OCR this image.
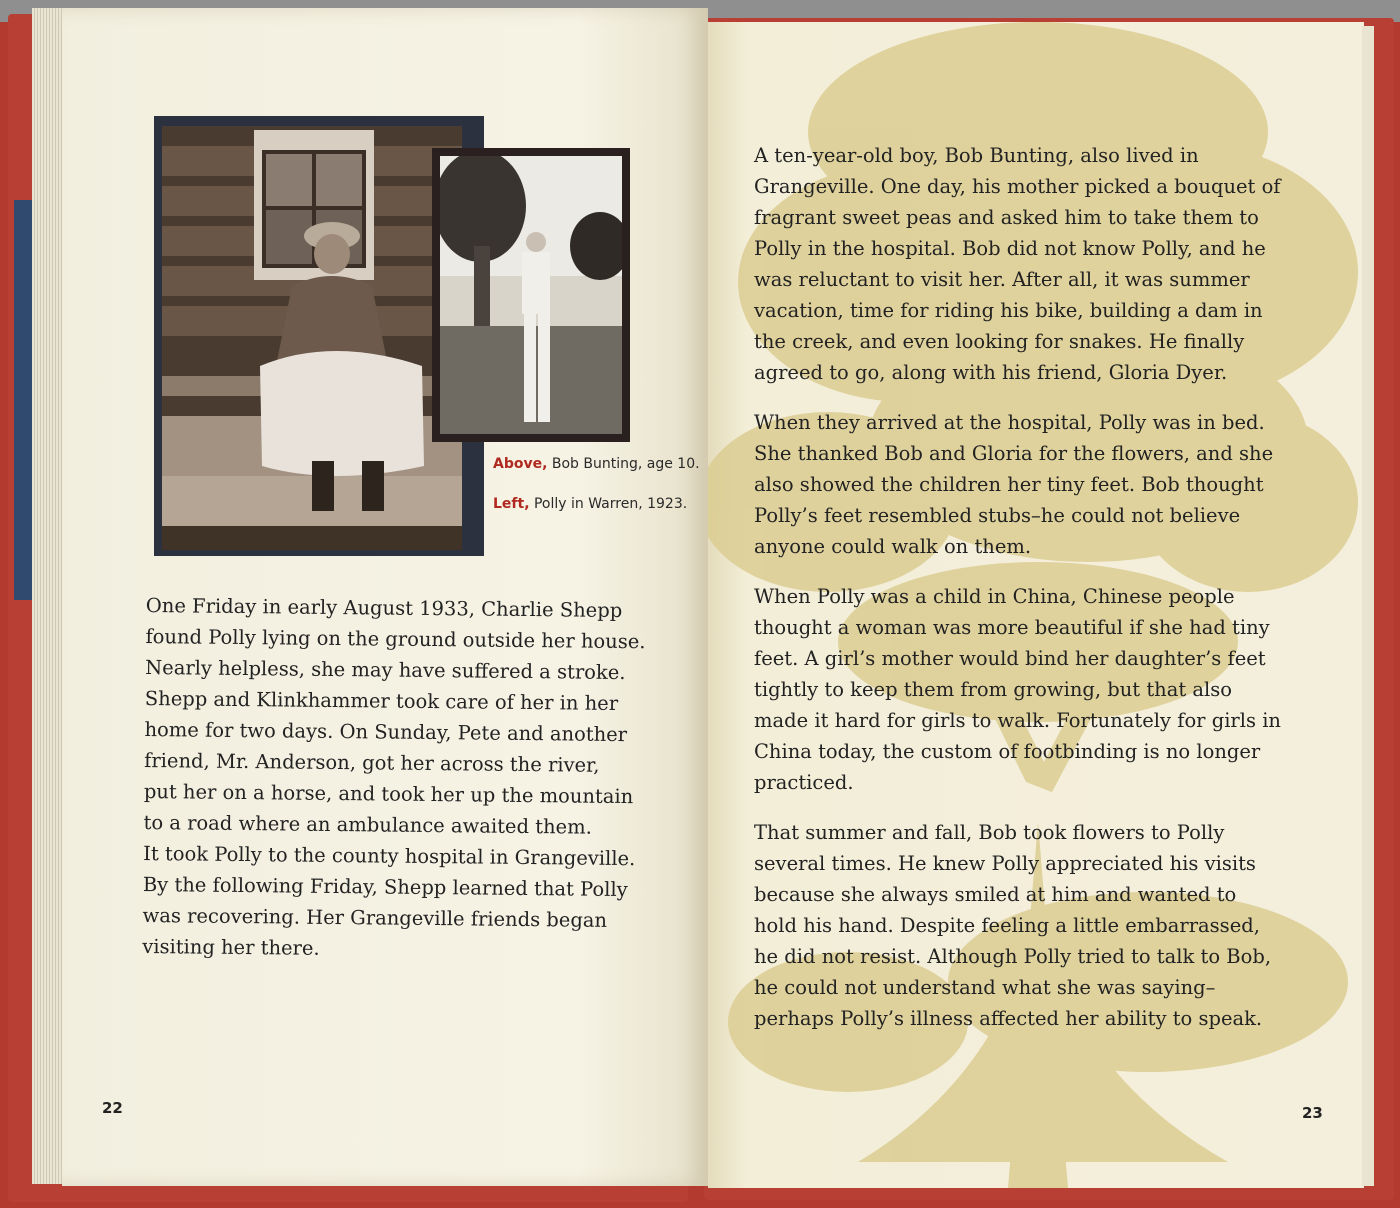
Above, Bob Bunting, age 10.
Left, Polly in Warren, 1923.

One Friday in early August 1933, Charlie Shepp

found Polly lying on the ground outside her house.

Nearly helpless, she may have suffered a stroke.

Shepp and Klinkhammer took care of her in her

home for two days. On Sunday, Pete and another

friend, Mr. Anderson, got her across the river,

put her on a horse, and took her up the mountain

to a road where an ambulance awaited them.

It took Polly to the county hospital in Grangeville.

By the following Friday, Shepp learned that Polly

was recovering. Her Grangeville friends began

visiting her there.

22

A ten-year-old boy, Bob Bunting, also lived in Grangeville. One day, his mother picked a bouquet of fragrant sweet peas and asked him to take them to Polly in the hospital. Bob did not know Polly, and he was reluctant to visit her. After all, it was summer vacation, time for riding his bike, building a dam in the creek, and even looking for snakes. He finally agreed to go, along with his friend, Gloria Dyer.

When they arrived at the hospital, Polly was in bed. She thanked Bob and Gloria for the flowers, and she also showed the children her tiny feet. Bob thought Polly’s feet resembled stubs–he could not believe anyone could walk on them.

When Polly was a child in China, Chinese people thought a woman was more beautiful if she had tiny feet. A girl’s mother would bind her daughter’s feet tightly to keep them from growing, but that also made it hard for girls to walk. Fortunately for girls in China today, the custom of footbinding is no longer practiced.

That summer and fall, Bob took flowers to Polly several times. He knew Polly appreciated his visits because she always smiled at him and wanted to hold his hand. Despite feeling a little embarrassed, he did not resist. Although Polly tried to talk to Bob, he could not understand what she was saying–perhaps Polly’s illness affected her ability to speak.

23
